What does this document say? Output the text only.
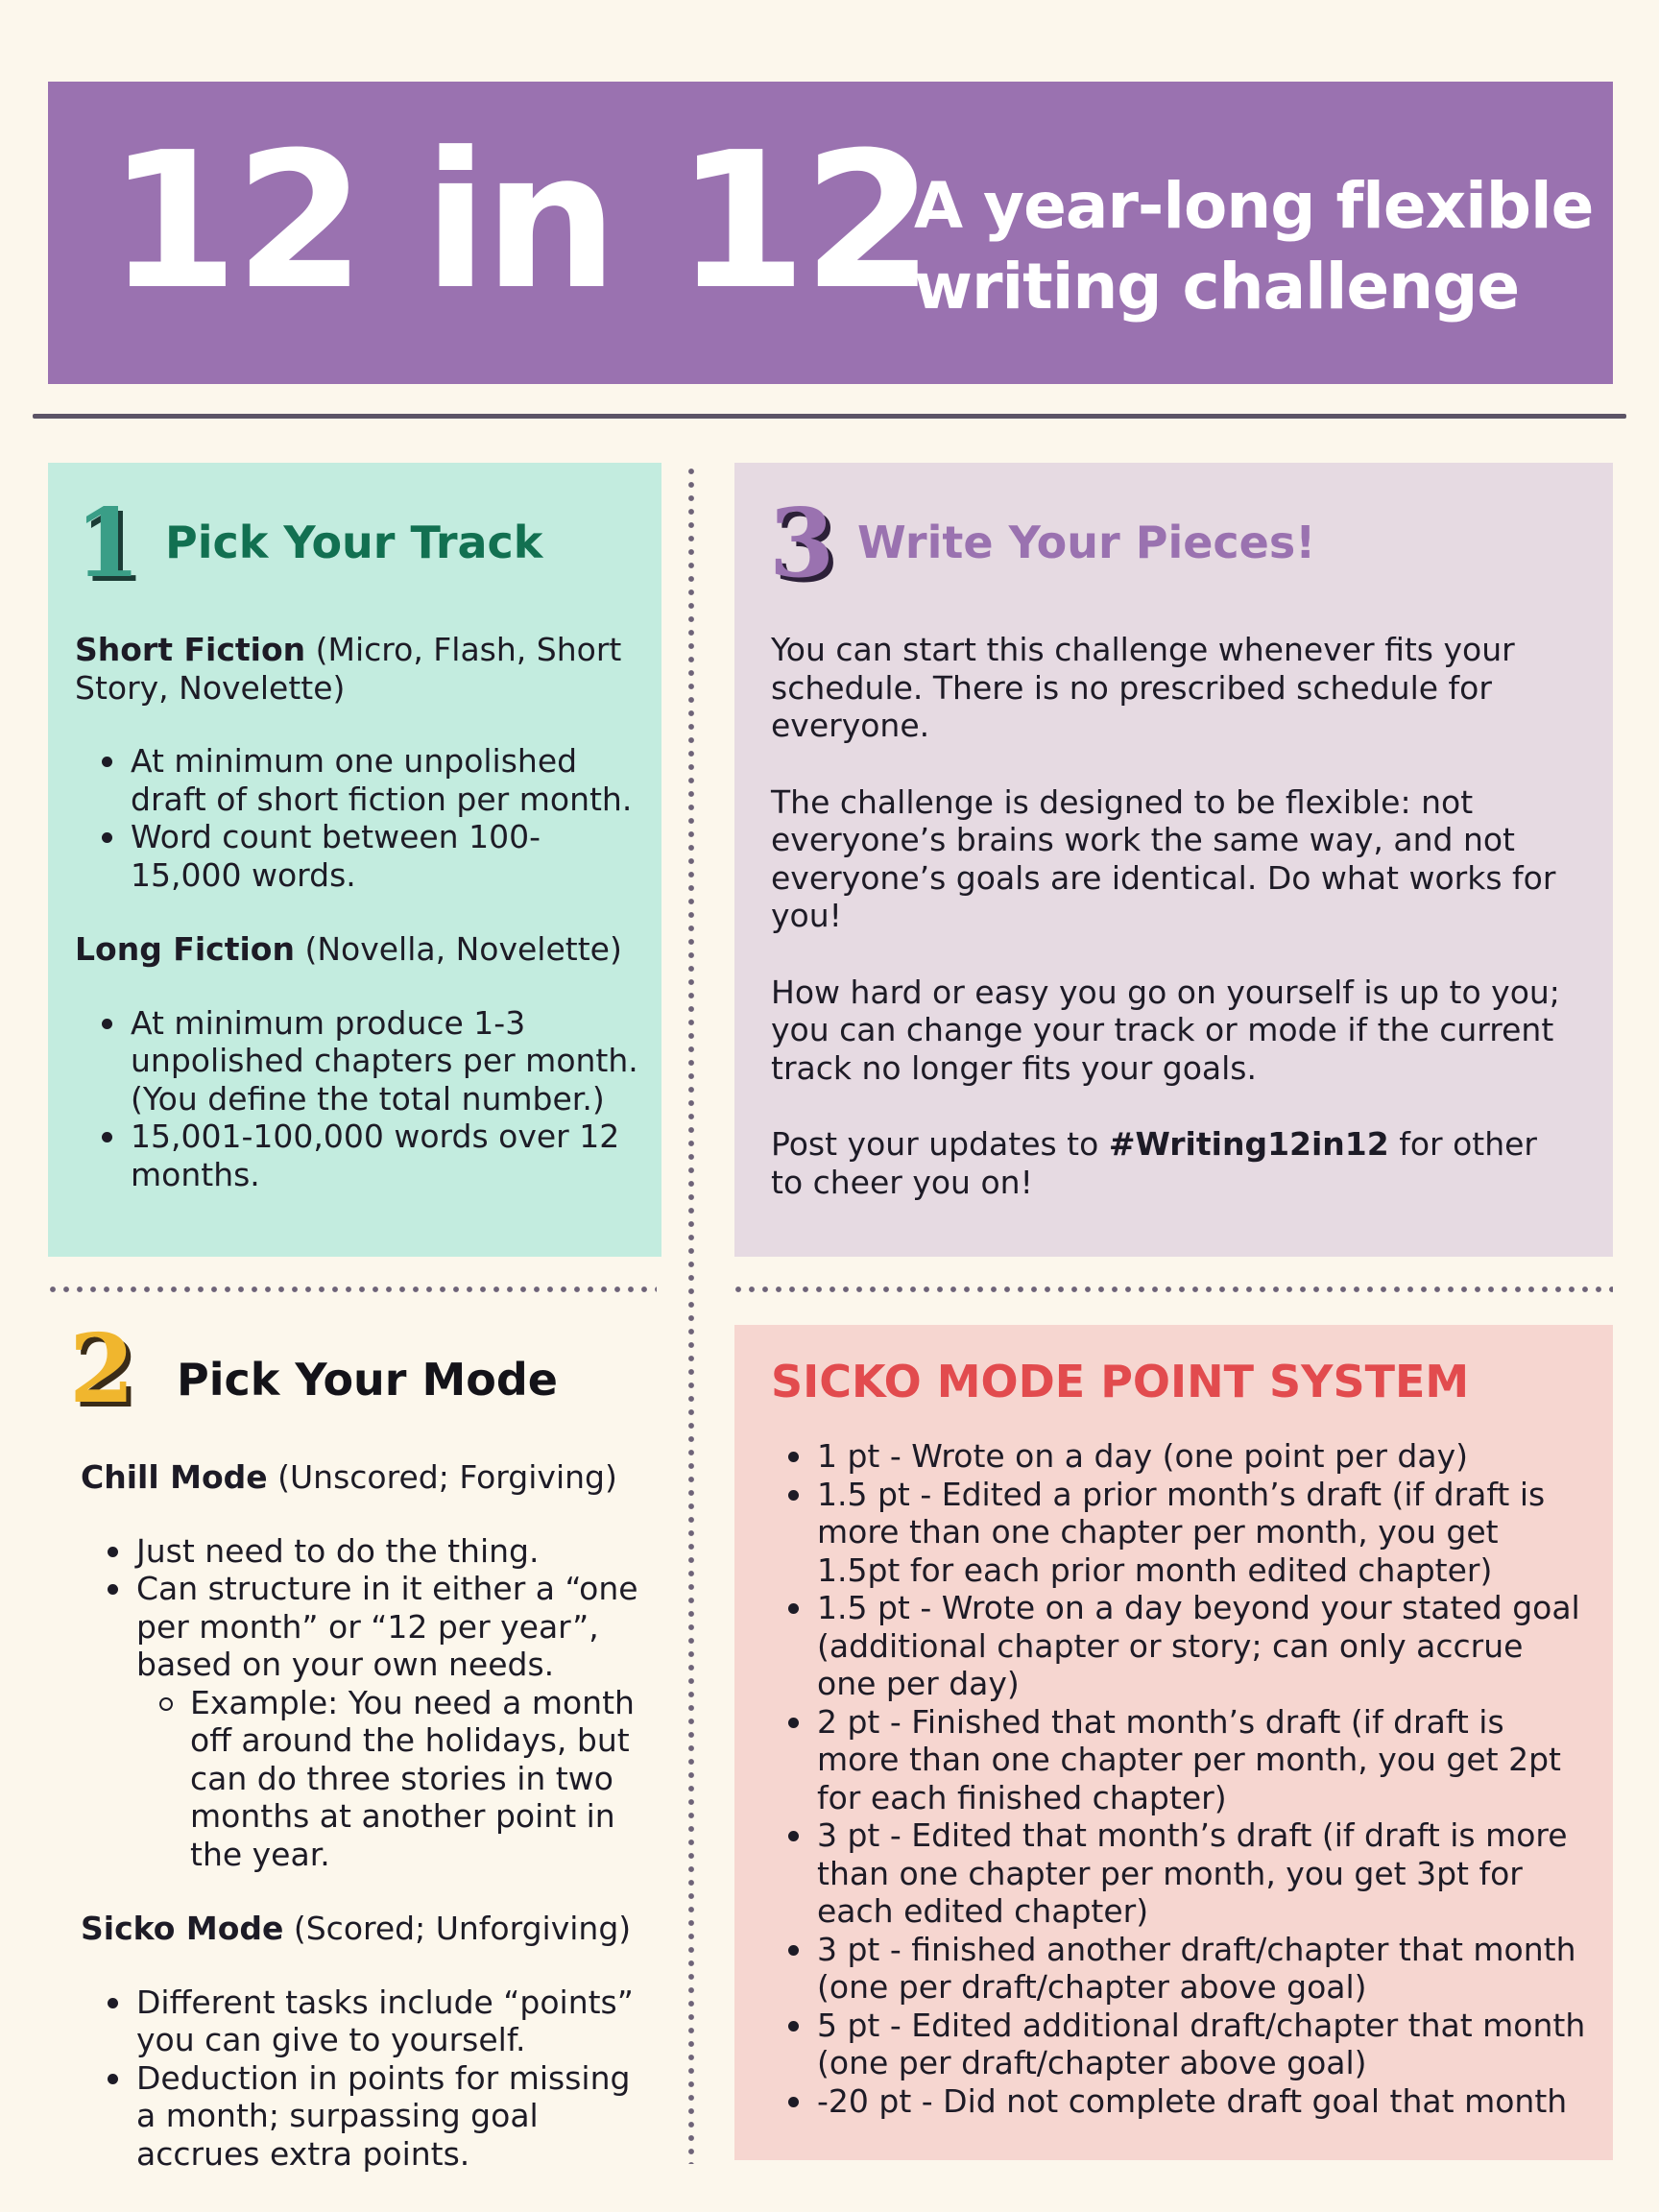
12 in 12
A year-long flexible
writing challenge
1 Pick Your Track

Short Fiction (Micro, Flash, Short Story, Novelette)

At minimum one unpolished draft of short fiction per month.
Word count between 100-15,000 words.

Long Fiction (Novella, Novelette)

At minimum produce 1-3 unpolished chapters per month. (You define the total number.)
15,001-100,000 words over 12 months.
3 Write Your Pieces!

You can start this challenge whenever fits your schedule. There is no prescribed schedule for everyone.

The challenge is designed to be flexible: not everyone’s brains work the same way, and not everyone’s goals are identical. Do what works for you!

How hard or easy you go on yourself is up to you; you can change your track or mode if the current track no longer fits your goals.

Post your updates to #Writing12in12 for other to cheer you on!

2 Pick Your Mode

Chill Mode (Unscored; Forgiving)

Just need to do the thing.
Can structure in it either a “one per month” or “12 per year”, based on your own needs.
Example: You need a month off around the holidays, but can do three stories in two months at another point in the year.

Sicko Mode (Scored; Unforgiving)

Different tasks include “points” you can give to yourself.
Deduction in points for missing a month; surpassing goal accrues extra points.
SICKO MODE POINT SYSTEM
1 pt - Wrote on a day (one point per day)
1.5 pt - Edited a prior month’s draft (if draft is more than one chapter per month, you get 1.5pt for each prior month edited chapter)
1.5 pt - Wrote on a day beyond your stated goal (additional chapter or story; can only accrue one per day)
2 pt - Finished that month’s draft (if draft is more than one chapter per month, you get 2pt for each finished chapter)
3 pt - Edited that month’s draft (if draft is more than one chapter per month, you get 3pt for each edited chapter)
3 pt - finished another draft/chapter that month (one per draft/chapter above goal)
5 pt - Edited additional draft/chapter that month (one per draft/chapter above goal)
-20 pt - Did not complete draft goal that month
